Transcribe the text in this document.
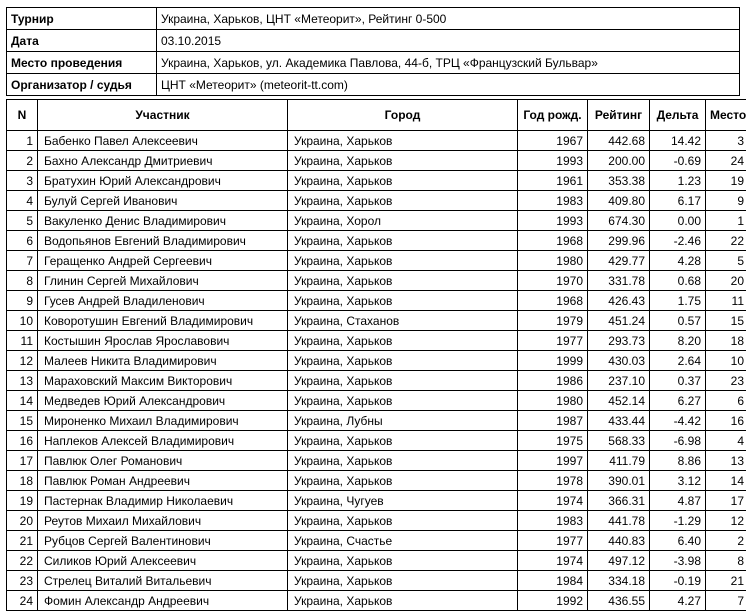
Турнир	Украина, Харьков, ЦНТ «Метеорит», Рейтинг 0-500
Дата	03.10.2015
Место проведения	Украина, Харьков, ул. Академика Павлова, 44-б, ТРЦ «Французский Бульвар»
Организатор / судья	ЦНТ «Метеорит» (meteorit-tt.com)
N	Участник	Город	Год рожд.	Рейтинг	Дельта	Место
1	Бабенко Павел Алексеевич	Украина, Харьков	1967	442.68	14.42	3
2	Бахно Александр Дмитриевич	Украина, Харьков	1993	200.00	-0.69	24
3	Братухин Юрий Александрович	Украина, Харьков	1961	353.38	1.23	19
4	Булуй Сергей Иванович	Украина, Харьков	1983	409.80	6.17	9
5	Вакуленко Денис Владимирович	Украина, Хорол	1993	674.30	0.00	1
6	Водопьянов Евгений Владимирович	Украина, Харьков	1968	299.96	-2.46	22
7	Геращенко Андрей Сергеевич	Украина, Харьков	1980	429.77	4.28	5
8	Глинин Сергей Михайлович	Украина, Харьков	1970	331.78	0.68	20
9	Гусев Андрей Владиленович	Украина, Харьков	1968	426.43	1.75	11
10	Коворотушин Евгений Владимирович	Украина, Стаханов	1979	451.24	0.57	15
11	Костышин Ярослав Ярославович	Украина, Харьков	1977	293.73	8.20	18
12	Малеев Никита Владимирович	Украина, Харьков	1999	430.03	2.64	10
13	Мараховский Максим Викторович	Украина, Харьков	1986	237.10	0.37	23
14	Медведев Юрий Александрович	Украина, Харьков	1980	452.14	6.27	6
15	Мироненко Михаил Владимирович	Украина, Лубны	1987	433.44	-4.42	16
16	Наплеков Алексей Владимирович	Украина, Харьков	1975	568.33	-6.98	4
17	Павлюк Олег Романович	Украина, Харьков	1997	411.79	8.86	13
18	Павлюк Роман Андреевич	Украина, Харьков	1978	390.01	3.12	14
19	Пастернак Владимир Николаевич	Украина, Чугуев	1974	366.31	4.87	17
20	Реутов Михаил Михайлович	Украина, Харьков	1983	441.78	-1.29	12
21	Рубцов Сергей Валентинович	Украина, Счастье	1977	440.83	6.40	2
22	Силиков Юрий Алексеевич	Украина, Харьков	1974	497.12	-3.98	8
23	Стрелец Виталий Витальевич	Украина, Харьков	1984	334.18	-0.19	21
24	Фомин Александр Андреевич	Украина, Харьков	1992	436.55	4.27	7
